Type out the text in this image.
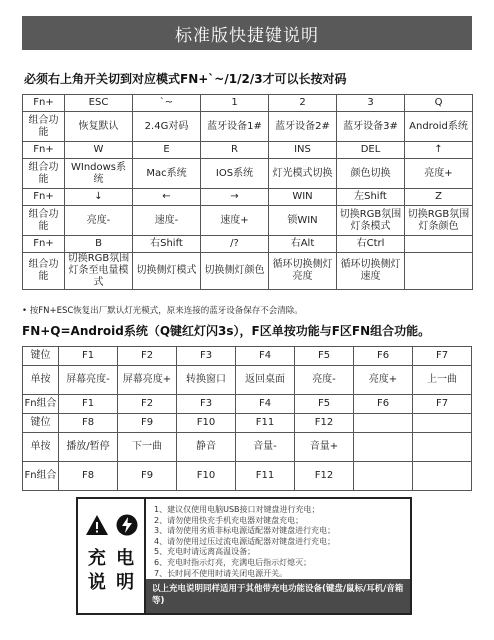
标准版快捷键说明
必须右上角开关切到对应模式FN+`~/1/2/3才可以长按对码
Fn+	ESC	`~	1	2	3	Q
组合功能	恢复默认	2.4G对码	蓝牙设备1#	蓝牙设备2#	蓝牙设备3#	Android系统
Fn+	W	E	R	INS	DEL	↑
组合功能	WIndows系统	Mac系统	IOS系统	灯光模式切换	颜色切换	亮度+
Fn+	↓	←	→	WIN	左Shift	Z
组合功能	亮度-	速度-	速度+	锁WIN	切换RGB氛围灯条模式	切换RGB氛围灯条颜色
Fn+	B	右Shift	/?	右Alt	右Ctrl	
组合功能	切换RGB氛围灯条至电量模式	切换侧灯模式	切换侧灯颜色	循环切换侧灯亮度	循环切换侧灯速度	
• 按FN+ESC恢复出厂默认灯光模式，原来连接的蓝牙设备保存不会清除。
FN+Q=Android系统（Q键红灯闪3s），F区单按功能与F区FN组合功能。
键位	F1	F2	F3	F4	F5	F6	F7
单按	屏幕亮度-	屏幕亮度+	转换窗口	返回桌面	亮度-	亮度+	上一曲
Fn组合	F1	F2	F3	F4	F5	F6	F7
键位	F8	F9	F10	F11	F12		
单按	播放/暂停	下一曲	静音	音量-	音量+		
Fn组合	F8	F9	F10	F11	F12		
充 电
说 明
1、建议仅使用电脑USB接口对键盘进行充电；
2、请勿使用快充手机充电器对键盘充电；
3、请勿使用劣质非标电源适配器对键盘进行充电；
4、请勿使用过压过流电源适配器对键盘进行充电；
5、充电时请远离高温设备；
6、充电时指示灯亮，充满电后指示灯熄灭；
7、长时间不使用时请关闭电源开关。
以上充电说明同样适用于其他带充电功能设备(键盘/鼠标/耳机/音箱等)
